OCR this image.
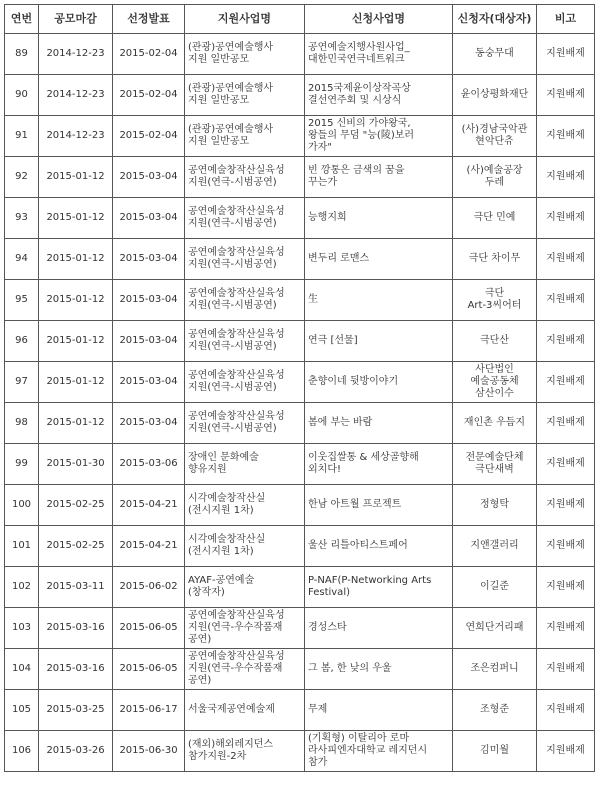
연번	공모마감	선정발표	지원사업명	신청사업명	신청자(대상자)	비고
89	2014-12-23	2015-02-04	(관광)공연예술행사
지원 일반공모	공연예술지행사원사업_
대한민국연극네트워크	동숭무대	지원배제
90	2014-12-23	2015-02-04	(관광)공연예술행사
지원 일반공모	2015국제윤이상작곡상
결선연주회 및 시상식	윤이상평화재단	지원배제
91	2014-12-23	2015-02-04	(관광)공연예술행사
지원 일반공모	2015 신비의 가야왕국,
왕들의 무덤 "능(陵)보러
가자"	(사)경남국악관
현악단츄	지원배제
92	2015-01-12	2015-03-04	공연예술창작산실육성
지원(연극-시범공연)	빈 깡통은 금색의 꿈을
꾸는가	(사)예술공장
두레	지원배제
93	2015-01-12	2015-03-04	공연예술창작산실육성
지원(연극-시범공연)	능행지희	극단 민예	지원배제
94	2015-01-12	2015-03-04	공연예술창작산실육성
지원(연극-시범공연)	변두리 로맨스	극단 차이무	지원배제
95	2015-01-12	2015-03-04	공연예술창작산실육성
지원(연극-시범공연)	生	극단
Art-3씨어터	지원배제
96	2015-01-12	2015-03-04	공연예술창작산실육성
지원(연극-시범공연)	연극 [선물]	극단산	지원배제
97	2015-01-12	2015-03-04	공연예술창작산실육성
지원(연극-시범공연)	춘향이네 뒷방이야기	사단법인
예술공동체
삼산이수	지원배제
98	2015-01-12	2015-03-04	공연예술창작산실육성
지원(연극-시범공연)	봄에 부는 바람	재인촌 우듬지	지원배제
99	2015-01-30	2015-03-06	장애인 문화예술
향유지원	이웃집쌀통 & 세상골향해
외치다!	전문예술단체
극단새벽	지원배제
100	2015-02-25	2015-04-21	시각예술창작산실
(전시지원 1차)	한남 아트월 프로젝트	정형탁	지원배제
101	2015-02-25	2015-04-21	시각예술창작산실
(전시지원 1차)	울산 리틀아티스트페어	지앤갤러리	지원배제
102	2015-03-11	2015-06-02	AYAF-공연예술
(창작자)	P-NAF(P-Networking Arts
Festival)	이길준	지원배제
103	2015-03-16	2015-06-05	공연예술창작산실육성
지원(연극-우수작품재
공연)	경성스타	연희단거리패	지원배제
104	2015-03-16	2015-06-05	공연예술창작산실육성
지원(연극-우수작품재
공연)	그 봄, 한 낮의 우울	조은컴퍼니	지원배제
105	2015-03-25	2015-06-17	서울국제공연예술제	무제	조형준	지원배제
106	2015-03-26	2015-06-30	(재외)해외레지던스
참가지원-2차	(기획형) 이탈리아 로마
라사피엔자대학교 레지던시
참가	김미월	지원배제
